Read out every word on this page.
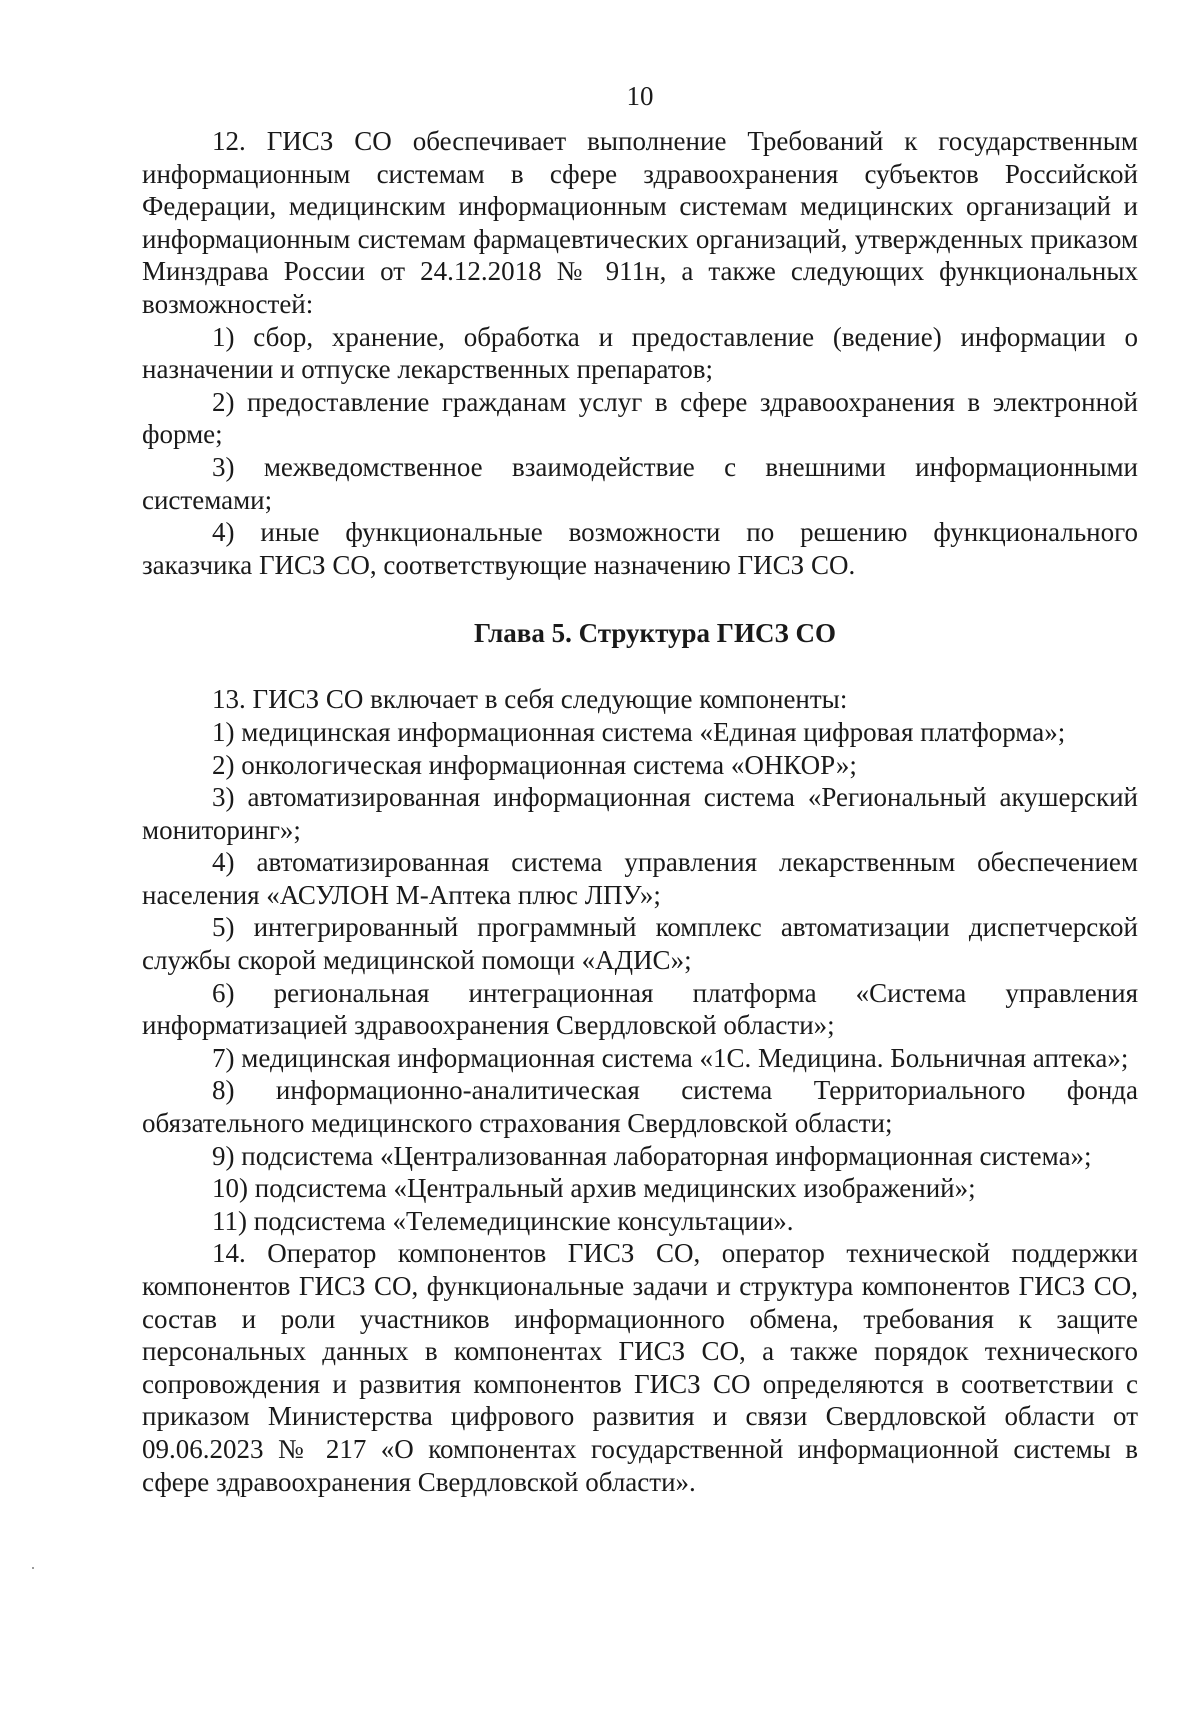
10

12. ГИСЗ СО обеспечивает выполнение Требований к государственным информационным системам в сфере здравоохранения субъектов Российской Федерации, медицинским информационным системам медицинских организаций и информационным системам фармацевтических организаций, утвержденных приказом Минздрава России от 24.12.2018 № 911н, а также следующих функциональных возможностей:

1) сбор, хранение, обработка и предоставление (ведение) информации о назначении и отпуске лекарственных препаратов;

2) предоставление гражданам услуг в сфере здравоохранения в электронной форме;

3) межведомственное взаимодействие с внешними информационными системами;

4) иные функциональные возможности по решению функционального заказчика ГИСЗ СО, соответствующие назначению ГИСЗ СО.

Глава 5. Структура ГИСЗ СО

13. ГИСЗ СО включает в себя следующие компоненты:

1) медицинская информационная система «Единая цифровая платформа»;

2) онкологическая информационная система «ОНКОР»;

3) автоматизированная информационная система «Региональный акушерский мониторинг»;

4) автоматизированная система управления лекарственным обеспечением населения «АСУЛОН М-Аптека плюс ЛПУ»;

5) интегрированный программный комплекс автоматизации диспетчерской службы скорой медицинской помощи «АДИС»;

6) региональная интеграционная платформа «Система управления информатизацией здравоохранения Свердловской области»;

7) медицинская информационная система «1С. Медицина. Больничная аптека»;

8) информационно-аналитическая система Территориального фонда обязательного медицинского страхования Свердловской области;

9) подсистема «Централизованная лабораторная информационная система»;

10) подсистема «Центральный архив медицинских изображений»;

11) подсистема «Телемедицинские консультации».

14. Оператор компонентов ГИСЗ СО, оператор технической поддержки компонентов ГИСЗ СО, функциональные задачи и структура компонентов ГИСЗ СО, состав и роли участников информационного обмена, требования к защите персональных данных в компонентах ГИСЗ СО, а также порядок технического сопровождения и развития компонентов ГИСЗ СО определяются в соответствии с приказом Министерства цифрового развития и связи Свердловской области от 09.06.2023 № 217 «О компонентах государственной информационной системы в сфере здравоохранения Свердловской области».
